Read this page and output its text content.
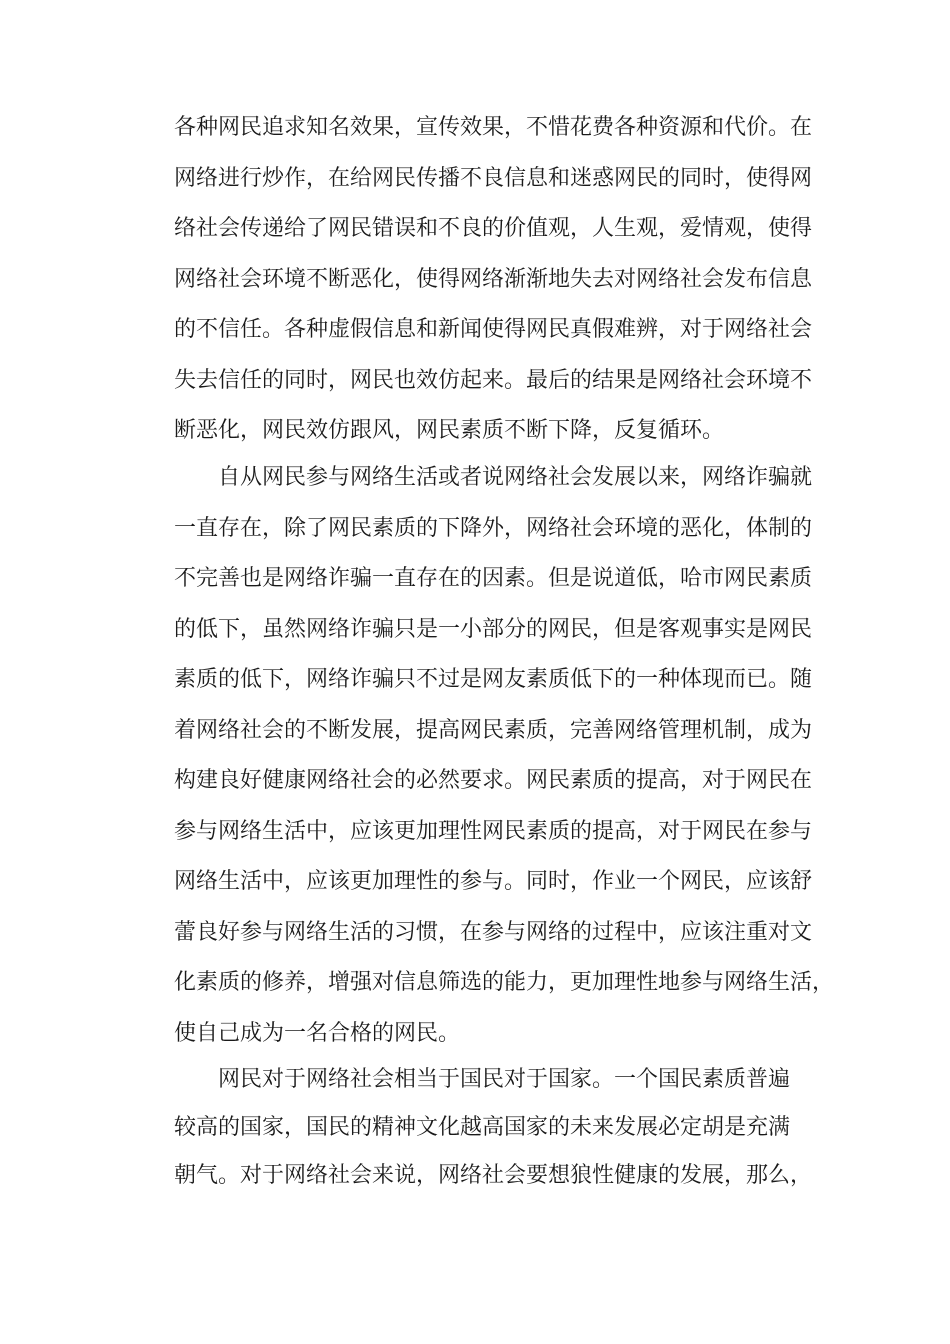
各种网民追求知名效果，宣传效果，不惜花费各种资源和代价。在
网络进行炒作，在给网民传播不良信息和迷惑网民的同时，使得网
络社会传递给了网民错误和不良的价值观，人生观，爱情观，使得
网络社会环境不断恶化，使得网络渐渐地失去对网络社会发布信息
的不信任。各种虚假信息和新闻使得网民真假难辨，对于网络社会
失去信任的同时，网民也效仿起来。最后的结果是网络社会环境不
断恶化，网民效仿跟风，网民素质不断下降，反复循环。
自从网民参与网络生活或者说网络社会发展以来，网络诈骗就
一直存在，除了网民素质的下降外，网络社会环境的恶化，体制的
不完善也是网络诈骗一直存在的因素。但是说道低，哈市网民素质
的低下，虽然网络诈骗只是一小部分的网民，但是客观事实是网民
素质的低下，网络诈骗只不过是网友素质低下的一种体现而已。随
着网络社会的不断发展，提高网民素质，完善网络管理机制，成为
构建良好健康网络社会的必然要求。网民素质的提高，对于网民在
参与网络生活中，应该更加理性网民素质的提高，对于网民在参与
网络生活中，应该更加理性的参与。同时，作业一个网民，应该舒
蕾良好参与网络生活的习惯，在参与网络的过程中，应该注重对文
化素质的修养，增强对信息筛选的能力，更加理性地参与网络生活，
使自己成为一名合格的网民。
网民对于网络社会相当于国民对于国家。一个国民素质普遍
较高的国家，国民的精神文化越高国家的未来发展必定胡是充满
朝气。对于网络社会来说，网络社会要想狼性健康的发展，那么，
